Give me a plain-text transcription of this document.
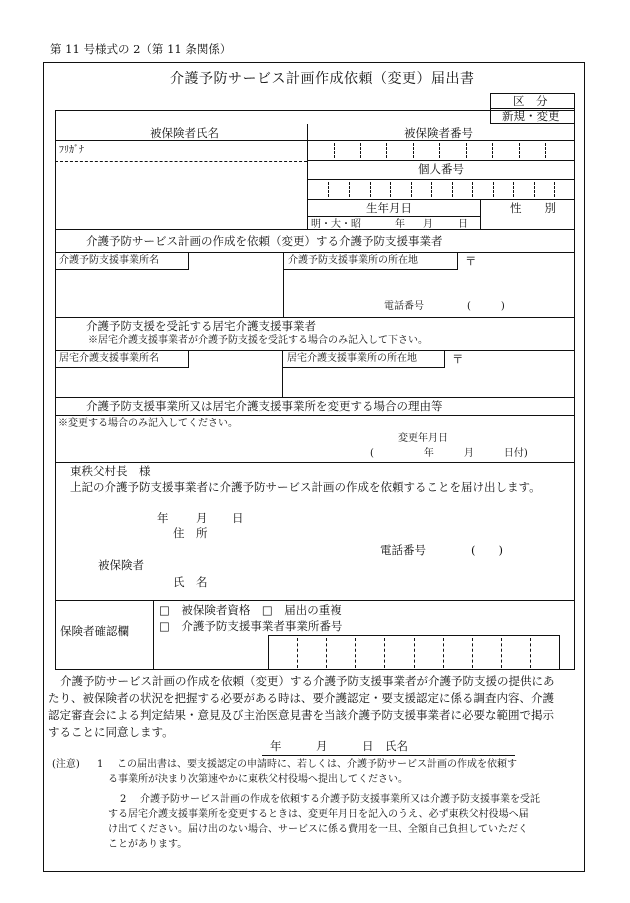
第 11 号様式の 2（第 11 条関係）
介護予防サービス計画作成依頼（変更）届出書
区　分
新規・変更
被保険者氏名	被保険者番号
ﾌﾘｶﾞﾅ
個人番号
生年月日	性　　別
明・大・昭	年 月	日
介護予防サービス計画の作成を依頼（変更）する介護予防支援事業者
介護予防支援事業所名	介護予防支援事業所の所在地	〒
電話番号	(　　　)
介護予防支援を受託する居宅介護支援事業者
※居宅介護支援事業者が介護予防支援を受託する場合のみ記入して下さい。
居宅介護支援事業所名	居宅介護支援事業所の所在地	〒
介護予防支援事業所又は居宅介護支援事業所を変更する場合の理由等
※変更する場合のみ記入してください。
変更年月日
(　　　　　年　　　月　　　日付)
東秩父村長　様
上記の介護予防支援事業者に介護予防サービス計画の作成を依頼することを届け出します。
年 月 日
住　所
電話番号	(　　)
被保険者
氏　名
保険者確認欄
□　被保険者資格　□　届出の重複
□　介護予防支援事業者事業所番号
介護予防サービス計画の作成を依頼（変更）する介護予防支援事業者が介護予防支援の提供にあ
たり、被保険者の状況を把握する必要がある時は、要介護認定・要支援認定に係る調査内容、介護
認定審査会による判定結果・意見及び主治医意見書を当該介護予防支援事業者に必要な範囲で掲示
することに同意します。
年　　　月　　　日　氏名
(注意) 1 この届出書は、要支援認定の申請時に、若しくは、介護予防サービス計画の作成を依頼す
る事業所が決まり次第速やかに東秩父村役場へ提出してください。
2 介護予防サービス計画の作成を依頼する介護予防支援事業所又は介護予防支援事業を受託
する居宅介護支援事業所を変更するときは、変更年月日を記入のうえ、必ず東秩父村役場へ届
け出てください。届け出のない場合、サービスに係る費用を一旦、全額自己負担していただく
ことがあります。
